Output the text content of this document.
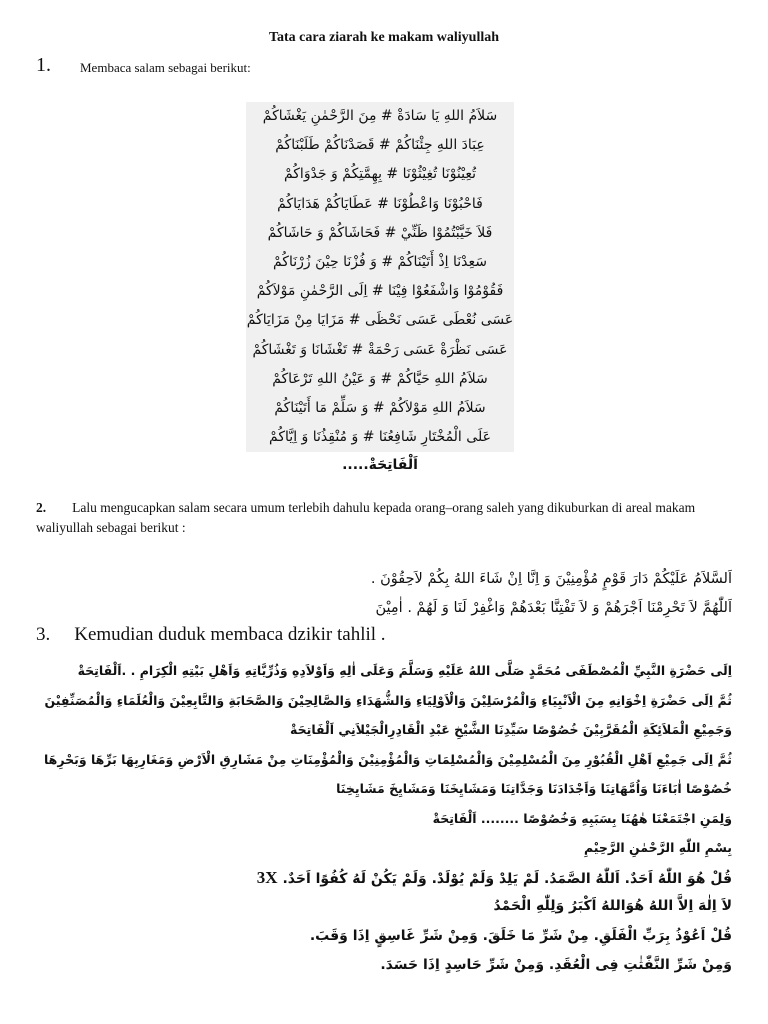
Tata cara ziarah ke makam waliyullah
1. Membaca salam sebagai berikut:
سَلاَمُ اللهِ يَا سَادَةْ # مِنَ الرَّحْمٰنِ يَغْشَاكُمْ
عِبَادَ اللهِ جِئْنَاكُمْ # قَصَدْنَاكُمْ طَلَبْنَاكُمْ
تُعِيْنُوْنَا تُغِيْثُوْنَا # بِهِمَّتِكُمْ وَ جَدْوَاكُمْ
فَاحْبُوْنَا وَاعْطُوْنَا # عَطَايَاكُمْ هَدَايَاكُمْ
فَلاَ خَيَّبْتُمُوْا ظَنِّيْ # فَحَاشَاكُمْ وَ حَاشَاكُمْ
سَعِدْنَا اِذْ أَتَيْنَاكُمْ # وَ فُزْنَا حِيْنَ زُرْنَاكُمْ
فَقُوْمُوْا وَاشْفَعُوْا فِيْنَا # اِلَى الرَّحْمٰنِ مَوْلاَكُمْ
عَسَى نُعْطَى عَسَى نَحْظَى # مَزَايَا مِنْ مَزَايَاكُمْ
عَسَى نَظْرَةْ عَسَى رَحْمَةْ # تَغْشَانَا وَ تَغْشَاكُمْ
سَلاَمُ اللهِ حَيَّاكُمْ # وَ عَيْنُ اللهِ تَرْعَاكُمْ
سَلاَمُ اللهِ مَوْلاَكُمْ # وَ سَلِّمْ مَا أَتَيْنَاكُمْ
عَلَى الْمُخْتَارِ شَافِعُنَا # وَ مُنْقِذُنَا وَ اِيَّاكُمْ
اَلْفَاتِحَةْ.....
2. Lalu mengucapkan salam secara umum terlebih dahulu kepada orang–orang saleh yang dikuburkan di areal makam waliyullah sebagai berikut :
اَلسَّلاَمُ عَلَيْكُمْ دَارَ قَوْمٍ مُؤْمِنِيْنَ وَ اِنَّا اِنْ شَاءَ اللهُ بِكُمْ لاَحِقُوْنَ .
اَللّٰهُمَّ لاَ تَحْرِمْنَا اَجْرَهُمْ وَ لاَ تَفْتِنَّا بَعْدَهُمْ وَاغْفِرْ لَنَا وَ لَهُمْ . اٰمِيْنَ
3. Kemudian duduk membaca dzikir tahlil .
اِلَى حَضْرَةِ النَّبِيِّ الْمُصْطَفَى مُحَمَّدٍ صَلَّى اللهُ عَلَيْهِ وَسَلَّمَ وَعَلَى اٰلِهِ وَاَوْلاَدِهِ وَذُرِّيَّاتِهِ وَاَهْلِ بَيْتِهِ الْكِرَامِ . .اَلْفَاتِحَةْ
ثُمَّ اِلَى حَضْرَةِ اِخْوَانِهِ مِنَ الْاَنْبِيَاءِ وَالْمُرْسَلِيْنَ وَالْاَوْلِيَاءِ وَالشُّهَدَاءِ وَالصَّالِحِيْنَ وَالصَّحَابَةِ وَالتَّابِعِيْنَ وَالْعُلَمَاءِ وَالْمُصَنِّفِيْنَ
وَجَمِيْعِ الْمَلاَئِكَةِ الْمُقَرَّبِيْنَ خُصُوْصًا سَيِّدِنَا الشَّيْخِ عَبْدِ الْقَادِرِالْجَيْلاَنِي اَلْفَاتِحَةْ
ثُمَّ اِلَى جَمِيْعِ اَهْلِ الْقُبُوْرِ مِنَ الْمُسْلِمِيْنَ وَالْمُسْلِمَاتِ وَالْمُؤْمِنِيْنَ وَالْمُؤْمِنَاتِ مِنْ مَشَارِقِ الْاَرْضِ وَمَغَارِبِهَا بَرِّهَا وَبَحْرِهَا
خُصُوْصًا اٰبَاءَنَا وَاُمَّهَاتِنَا وَاَجْدَادَنَا وَجَدَّاتِنَا وَمَشَايِخَنَا وَمَشَايِخَ مَشَايِخِنَا
وَلِمَنِ اجْتَمَعْنَا هٰهُنَا بِسَبَبِهِ وَخُصُوْصًا ........ اَلْفَاتِحَةْ
بِسْمِ اللّٰهِ الرَّحْمٰنِ الرَّحِيْمِ
قُلْ هُوَ اللّٰهُ اَحَدٌ. اَللّٰهُ الصَّمَدُ. لَمْ يَلِدْ وَلَمْ يُوْلَدْ. وَلَمْ يَكُنْ لَهُ كُفُوًا اَحَدٌ. 3X
لاَ اِلٰهَ اِلاَّ اللهُ هُوَاللهُ اَكْبَرُ وَلِلّٰهِ الْحَمْدُ
قُلْ اَعُوْذُ بِرَبِّ الْفَلَقِ. مِنْ شَرِّ مَا خَلَقَ. وَمِنْ شَرِّ غَاسِقٍ اِذَا وَقَبَ.
وَمِنْ شَرِّ النَّفّٰثٰتِ فِى الْعُقَدِ. وَمِنْ شَرِّ حَاسِدٍ اِذَا حَسَدَ.
